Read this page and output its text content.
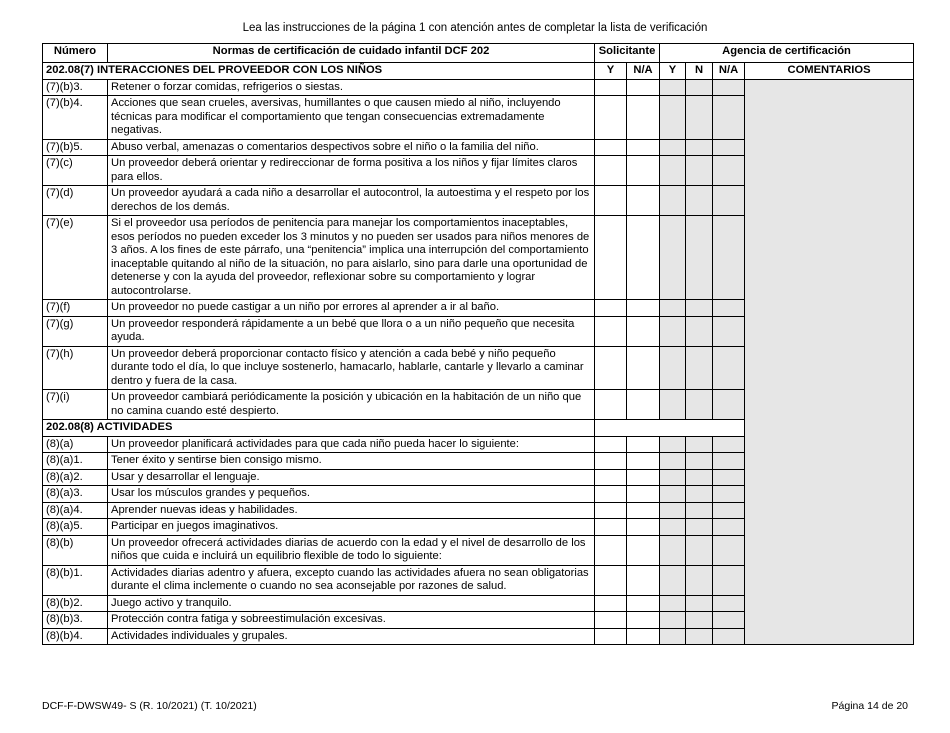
Lea las instrucciones de la página 1 con atención antes de completar la lista de verificación
Número	Normas de certificación de cuidado infantil DCF 202	Solicitante		Agencia de certificación			
202.08(7) INTERACCIONES DEL PROVEEDOR CON LOS NIÑOS		Y	N/A	Y	N	N/A	COMENTARIOS
(7)(b)3.	Retener o forzar comidas, refrigerios o siestas.						
(7)(b)4.	Acciones que sean crueles, aversivas, humillantes o que causen miedo al niño, incluyendo técnicas para modificar el comportamiento que tengan consecuencias extremadamente negativas.						
(7)(b)5.	Abuso verbal, amenazas o comentarios despectivos sobre el niño o la familia del niño.						
(7)(c)	Un proveedor deberá orientar y redireccionar de forma positiva a los niños y fijar límites claros para ellos.						
(7)(d)	Un proveedor ayudará a cada niño a desarrollar el autocontrol, la autoestima y el respeto por los derechos de los demás.						
(7)(e)	Si el proveedor usa períodos de penitencia para manejar los comportamientos inaceptables, esos períodos no pueden exceder los 3 minutos y no pueden ser usados para niños menores de 3 años. A los fines de este párrafo, una “penitencia” implica una interrupción del comportamiento inaceptable quitando al niño de la situación, no para aislarlo, sino para darle una oportunidad de detenerse y con la ayuda del proveedor, reflexionar sobre su comportamiento y lograr autocontrolarse.						
(7)(f)	Un proveedor no puede castigar a un niño por errores al aprender a ir al baño.						
(7)(g)	Un proveedor responderá rápidamente a un bebé que llora o a un niño pequeño que necesita ayuda.						
(7)(h)	Un proveedor deberá proporcionar contacto físico y atención a cada bebé y niño pequeño durante todo el día, lo que incluye sostenerlo, hamacarlo, hablarle, cantarle y llevarlo a caminar dentro y fuera de la casa.						
(7)(i)	Un proveedor cambiará periódicamente la posición y ubicación en la habitación de un niño que no camina cuando esté despierto.						
202.08(8) ACTIVIDADES							
(8)(a)	Un proveedor planificará actividades para que cada niño pueda hacer lo siguiente:						
(8)(a)1.	Tener éxito y sentirse bien consigo mismo.						
(8)(a)2.	Usar y desarrollar el lenguaje.						
(8)(a)3.	Usar los músculos grandes y pequeños.						
(8)(a)4.	Aprender nuevas ideas y habilidades.						
(8)(a)5.	Participar en juegos imaginativos.						
(8)(b)	Un proveedor ofrecerá actividades diarias de acuerdo con la edad y el nivel de desarrollo de los niños que cuida e incluirá un equilibrio flexible de todo lo siguiente:						
(8)(b)1.	Actividades diarias adentro y afuera, excepto cuando las actividades afuera no sean obligatorias durante el clima inclemente o cuando no sea aconsejable por razones de salud.						
(8)(b)2.	Juego activo y tranquilo.						
(8)(b)3.	Protección contra fatiga y sobreestimulación excesivas.						
(8)(b)4.	Actividades individuales y grupales.						
DCF-F-DWSW49- S (R. 10/2021) (T. 10/2021)	Página 14 de 20
